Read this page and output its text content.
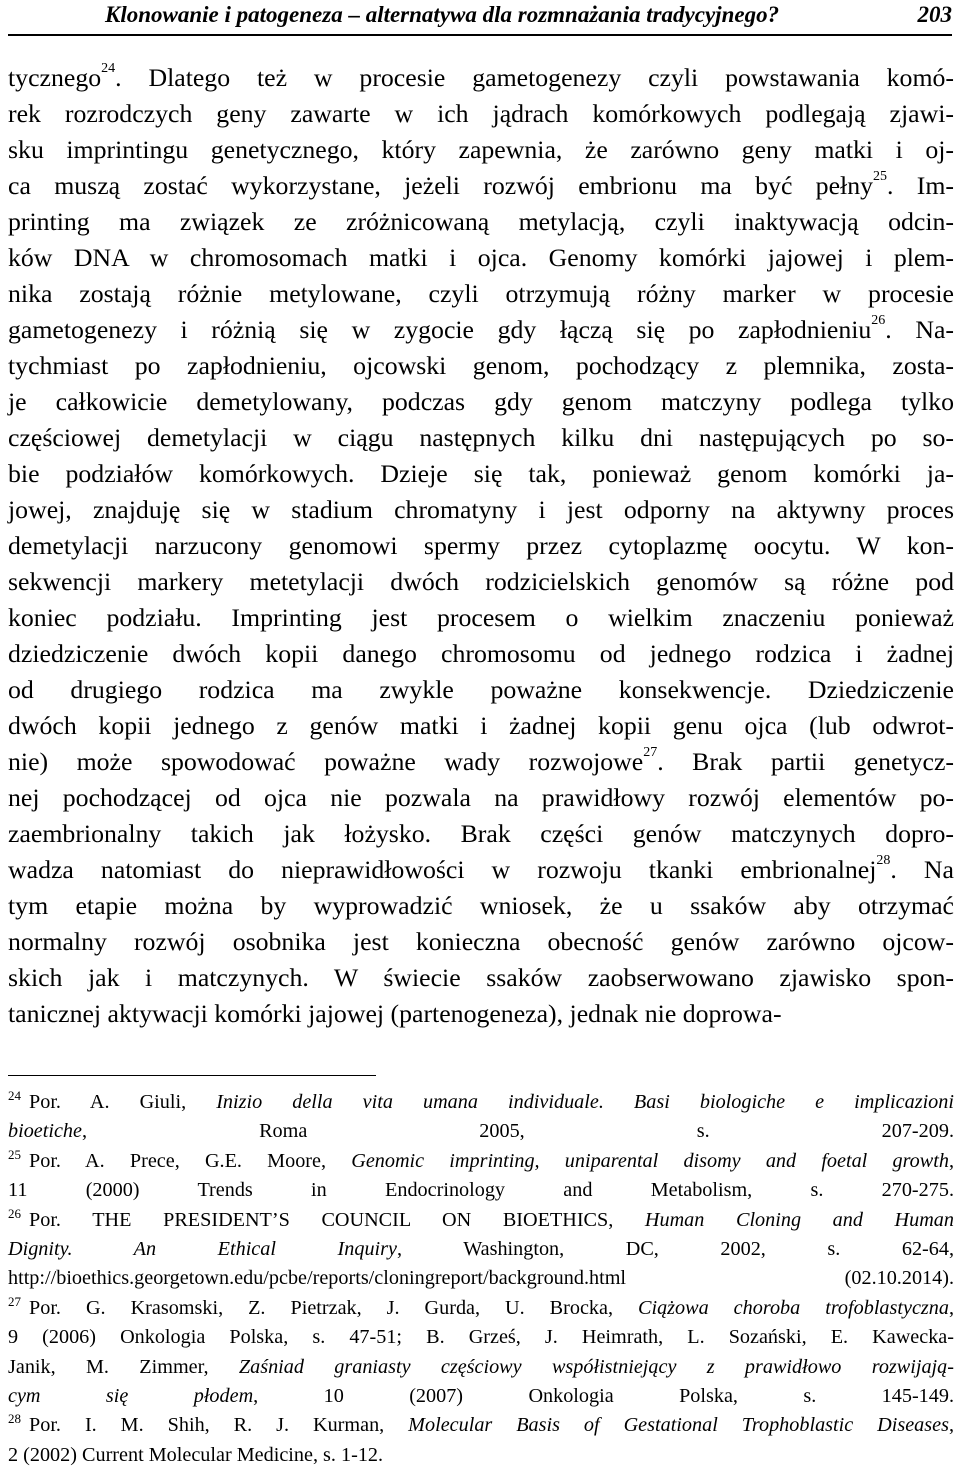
Klonowanie i patogeneza – alternatywa dla rozmnażania tradycyjnego?	203
tycznego$^{24}$. Dlatego też w procesie gametogenezy czyli powstawania komó-
rek rozrodczych geny zawarte w ich jądrach komórkowych podlegają zjawi-
sku imprintingu genetycznego, który zapewnia, że zarówno geny matki i oj-
ca muszą zostać wykorzystane, jeżeli rozwój embrionu ma być pełny$^{25}$. Im-
printing ma związek ze zróżnicowaną metylacją, czyli inaktywacją odcin-
ków DNA w chromosomach matki i ojca. Genomy komórki jajowej i plem-
nika zostają różnie metylowane, czyli otrzymują różny marker w procesie
gametogenezy i różnią się w zygocie gdy łączą się po zapłodnieniu$^{26}$. Na-
tychmiast po zapłodnieniu, ojcowski genom, pochodzący z plemnika, zosta-
je całkowicie demetylowany, podczas gdy genom matczyny podlega tylko
częściowej demetylacji w ciągu następnych kilku dni następujących po so-
bie podziałów komórkowych. Dzieje się tak, ponieważ genom komórki ja-
jowej, znajduję się w stadium chromatyny i jest odporny na aktywny proces
demetylacji narzucony genomowi spermy przez cytoplazmę oocytu. W kon-
sekwencji markery metetylacji dwóch rodzicielskich genomów są różne pod
koniec podziału. Imprinting jest procesem o wielkim znaczeniu ponieważ
dziedziczenie dwóch kopii danego chromosomu od jednego rodzica i żadnej
od drugiego rodzica ma zwykle poważne konsekwencje. Dziedziczenie
dwóch kopii jednego z genów matki i żadnej kopii genu ojca (lub odwrot-
nie) może spowodować poważne wady rozwojowe$^{27}$. Brak partii genetycz-
nej pochodzącej od ojca nie pozwala na prawidłowy rozwój elementów po-
zaembrionalny takich jak łożysko. Brak części genów matczynych dopro-
wadza natomiast do nieprawidłowości w rozwoju tkanki embrionalnej$^{28}$. Na
tym etapie można by wyprowadzić wniosek, że u ssaków aby otrzymać
normalny rozwój osobnika jest konieczna obecność genów zarówno ojcow-
skich jak i matczynych. W świecie ssaków zaobserwowano zjawisko spon-
tanicznej aktywacji komórki jajowej (partenogeneza), jednak nie doprowa-
$^{24}$ Por. A. Giuli, Inizio della vita umana individuale. Basi biologiche e implicazioni
bioetiche, Roma 2005, s. 207-209.
$^{25}$ Por. A. Prece, G.E. Moore, Genomic imprinting, uniparental disomy and foetal growth,
11 (2000) Trends in Endocrinology and Metabolism, s. 270-275.
$^{26}$ Por. THE PRESIDENT’S COUNCIL ON BIOETHICS, Human Cloning and Human
Dignity. An Ethical Inquiry, Washington, DC, 2002, s. 62-64,
http://bioethics.georgetown.edu/pcbe/reports/cloningreport/background.html (02.10.2014).
$^{27}$ Por. G. Krasomski, Z. Pietrzak, J. Gurda, U. Brocka, Ciążowa choroba trofoblastyczna,
9 (2006) Onkologia Polska, s. 47-51; B. Grześ, J. Heimrath, L. Sozański, E. Kawecka-
Janik, M. Zimmer, Zaśniad graniasty częściowy współistniejący z prawidłowo rozwijają-
cym się płodem, 10 (2007) Onkologia Polska, s. 145-149.
$^{28}$ Por. I. M. Shih, R. J. Kurman, Molecular Basis of Gestational Trophoblastic Diseases,
2 (2002) Current Molecular Medicine, s. 1-12.
